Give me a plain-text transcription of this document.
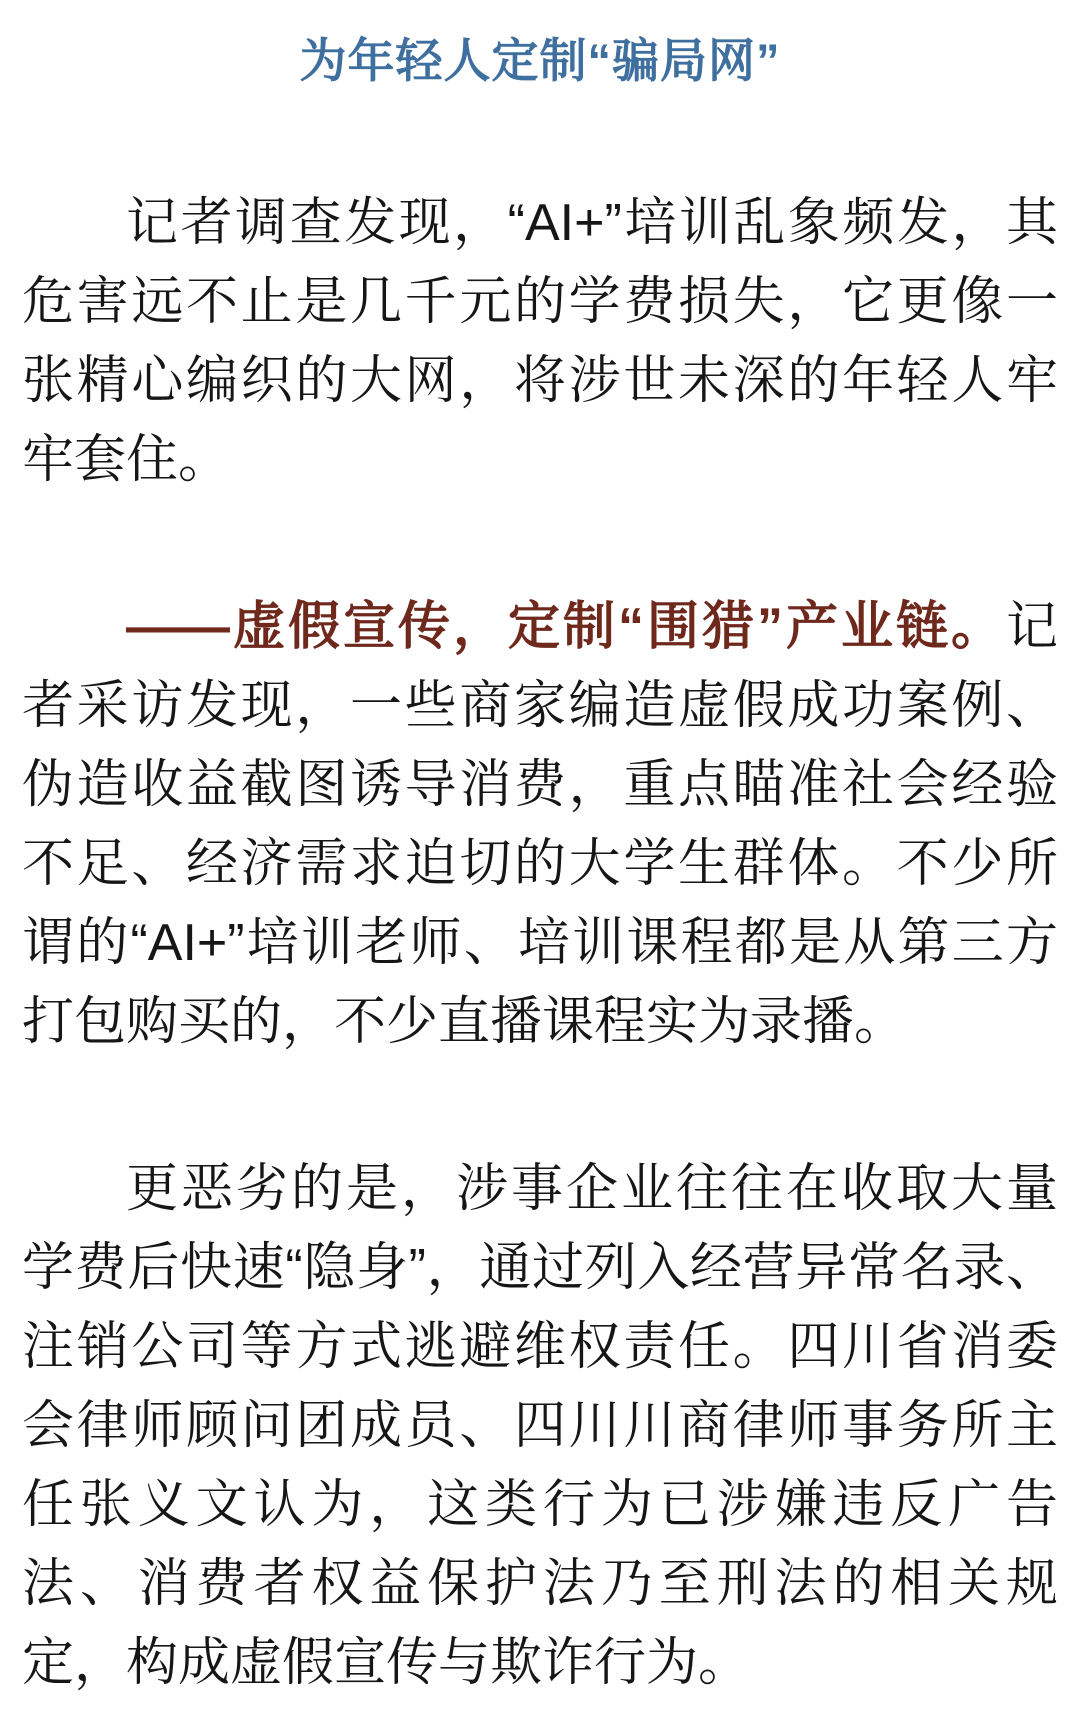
为年轻人定制“骗局网”

记者调查发现，“AI+”培训乱象频发，其危害远不止是几千元的学费损失，它更像一张精心编织的大网，将涉世未深的年轻人牢牢套住。

——虚假宣传，定制“围猎”产业链。记者采访发现，一些商家编造虚假成功案例、伪造收益截图诱导消费，重点瞄准社会经验不足、经济需求迫切的大学生群体。不少所谓的“AI+”培训老师、培训课程都是从第三方打包购买的，不少直播课程实为录播。

更恶劣的是，涉事企业往往在收取大量学费后快速“隐身”，通过列入经营异常名录、注销公司等方式逃避维权责任。四川省消委会律师顾问团成员、四川川商律师事务所主任张义文认为，这类行为已涉嫌违反广告法、消费者权益保护法乃至刑法的相关规定，构成虚假宣传与欺诈行为。
